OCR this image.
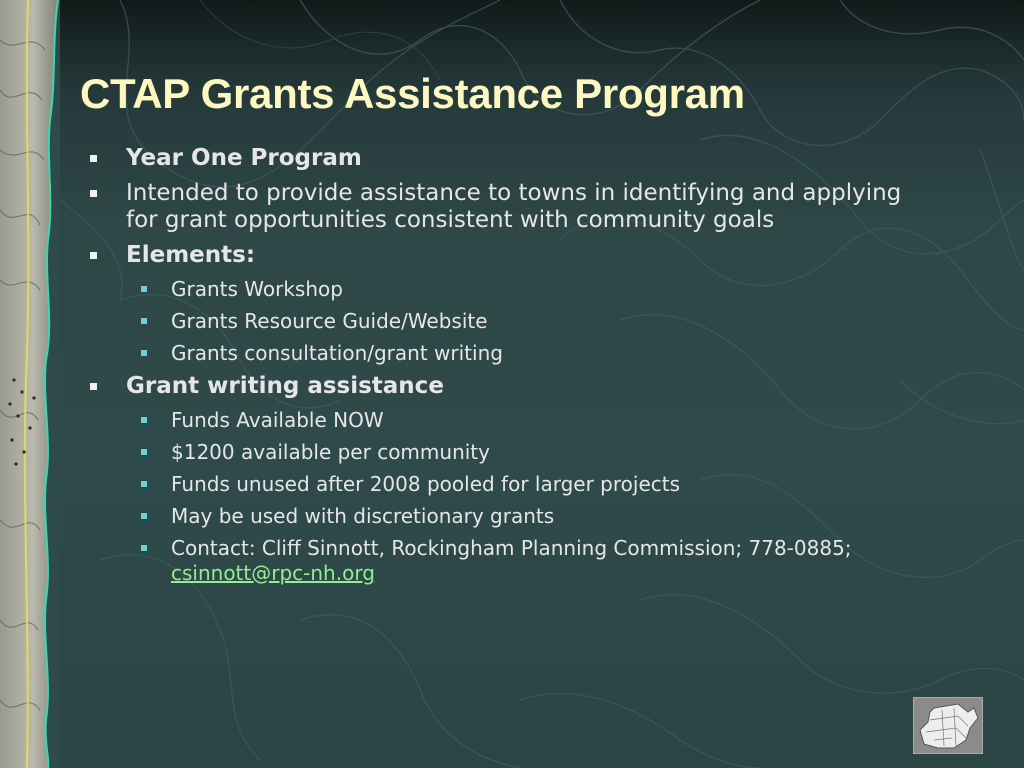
CTAP Grants Assistance Program
Year One Program
Intended to provide assistance to towns in identifying and applying for grant opportunities consistent with community goals
Elements:
Grants Workshop
Grants Resource Guide/Website
Grants consultation/grant writing
Grant writing assistance
Funds Available NOW
$1200 available per community
Funds unused after 2008 pooled for larger projects
May be used with discretionary grants
Contact: Cliff Sinnott, Rockingham Planning Commission; 778-0885; csinnott@rpc-nh.org
